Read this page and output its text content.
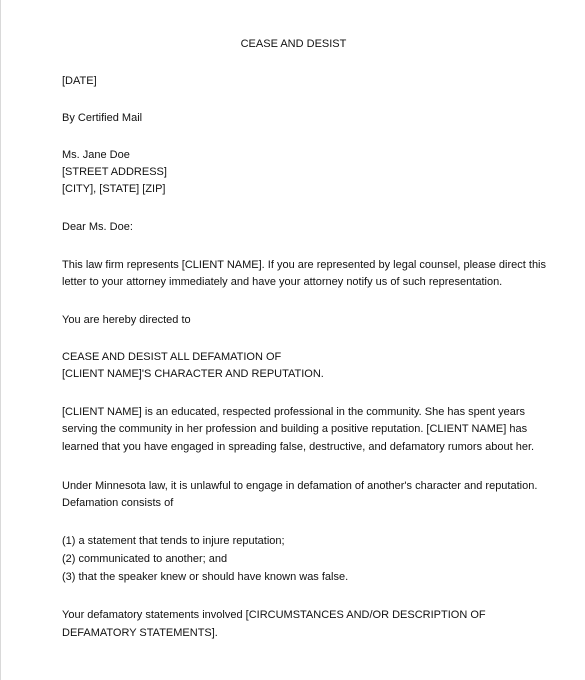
CEASE AND DESIST
[DATE]
By Certified Mail
Ms. Jane Doe
[STREET ADDRESS]
[CITY], [STATE] [ZIP]
Dear Ms. Doe:
This law firm represents [CLIENT NAME]. If you are represented by legal counsel, please direct this
letter to your attorney immediately and have your attorney notify us of such representation.
You are hereby directed to
CEASE AND DESIST ALL DEFAMATION OF
[CLIENT NAME]'S CHARACTER AND REPUTATION.
[CLIENT NAME] is an educated, respected professional in the community. She has spent years
serving the community in her profession and building a positive reputation. [CLIENT NAME] has
learned that you have engaged in spreading false, destructive, and defamatory rumors about her.
Under Minnesota law, it is unlawful to engage in defamation of another's character and reputation.
Defamation consists of
(1) a statement that tends to injure reputation;
(2) communicated to another; and
(3) that the speaker knew or should have known was false.
Your defamatory statements involved [CIRCUMSTANCES AND/OR DESCRIPTION OF
DEFAMATORY STATEMENTS].
